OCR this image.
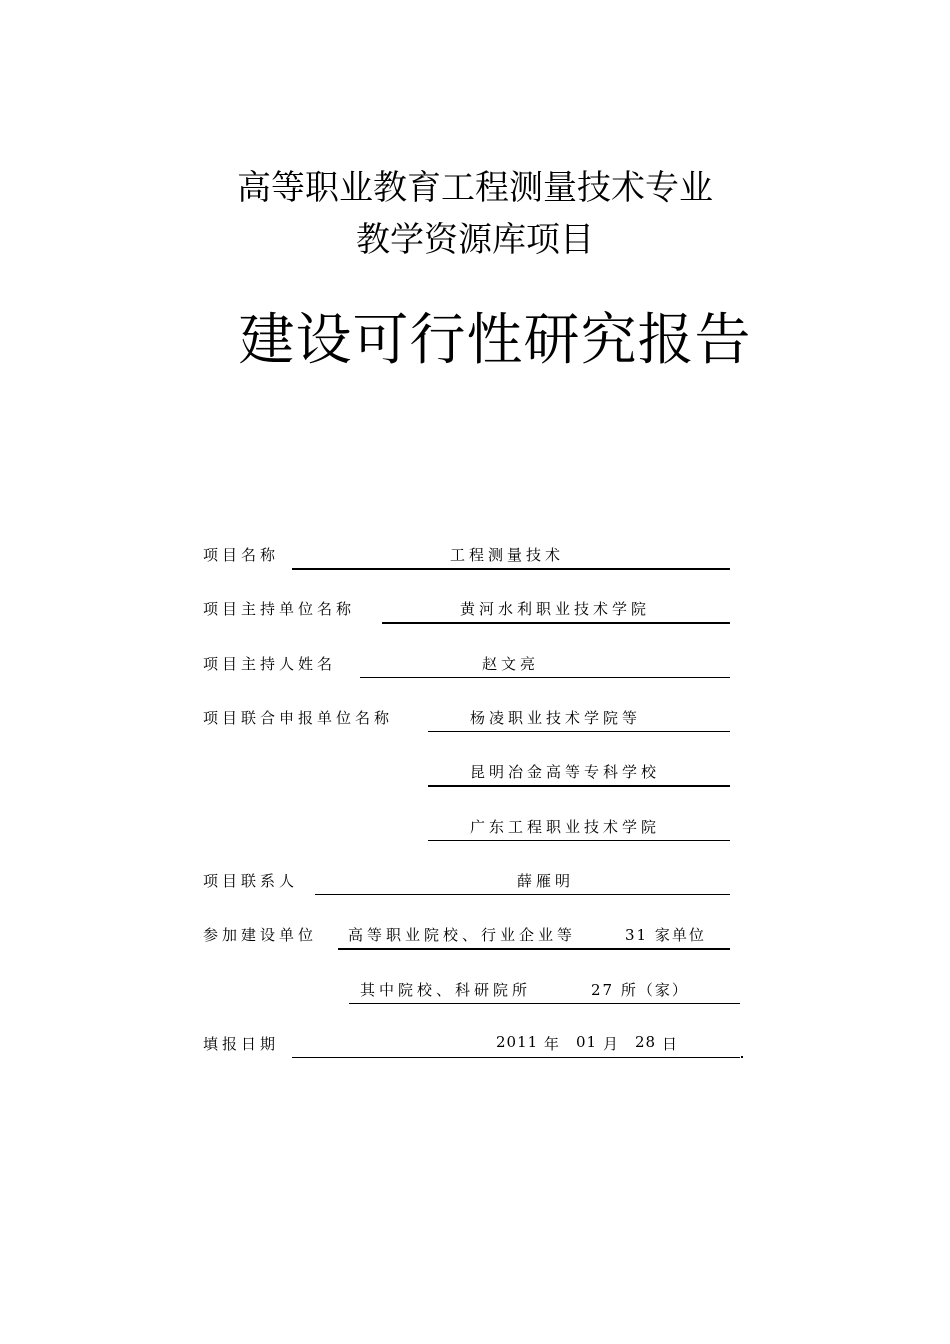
高等职业教育工程测量技术专业
教学资源库项目
建设可行性研究报告
项目名称	工程测量技术
项目主持单位名称	黄河水利职业技术学院
项目主持人姓名	赵文亮
项目联合申报单位名称	杨凌职业技术学院等
昆明冶金高等专科学校
广东工程职业技术学院
项目联系人	薛雁明
参加建设单位 高等职业院校、行业企业等	31 家单位
其中院校、科研院所	27 所（家）
填报日期	2011 年 01 月 28 日
